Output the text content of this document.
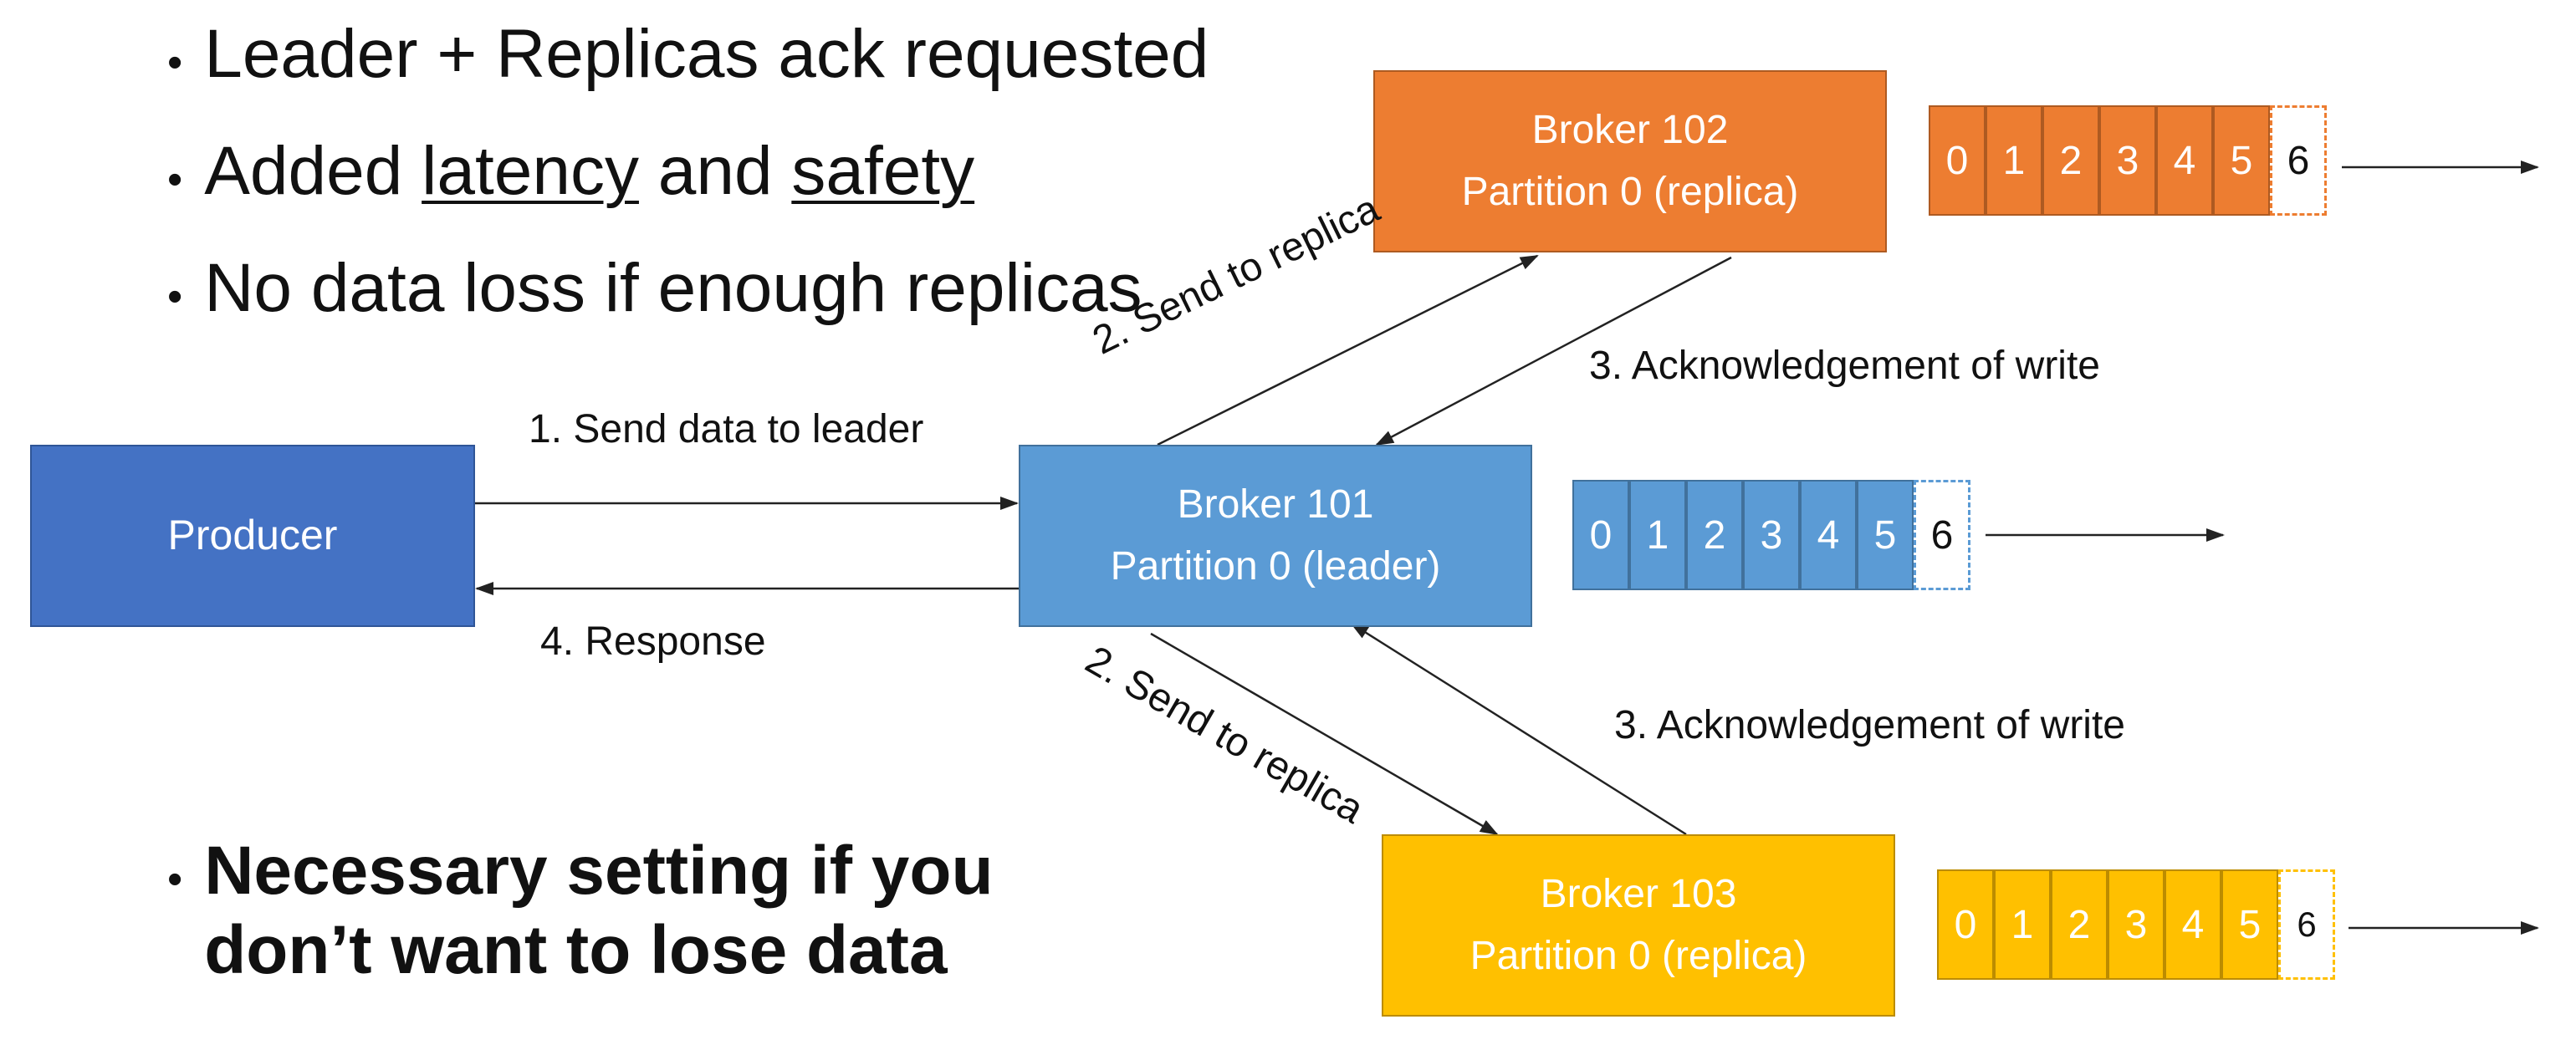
• Leader + Replicas ack requested
• Added latency and safety
• No data loss if enough replicas
• Necessary setting if you
don’t want to lose data
Producer
Broker 101
Partition 0 (leader)
Broker 102
Partition 0 (replica)
Broker 103
Partition 0 (replica)
0 1 2 3 4 5 6
0 1 2 3 4 5 6
0 1 2 3 4 5	6
1. Send data to leader
4. Response
3. Acknowledgement of write
3. Acknowledgement of write
2. Send to replica
2. Send to replica
